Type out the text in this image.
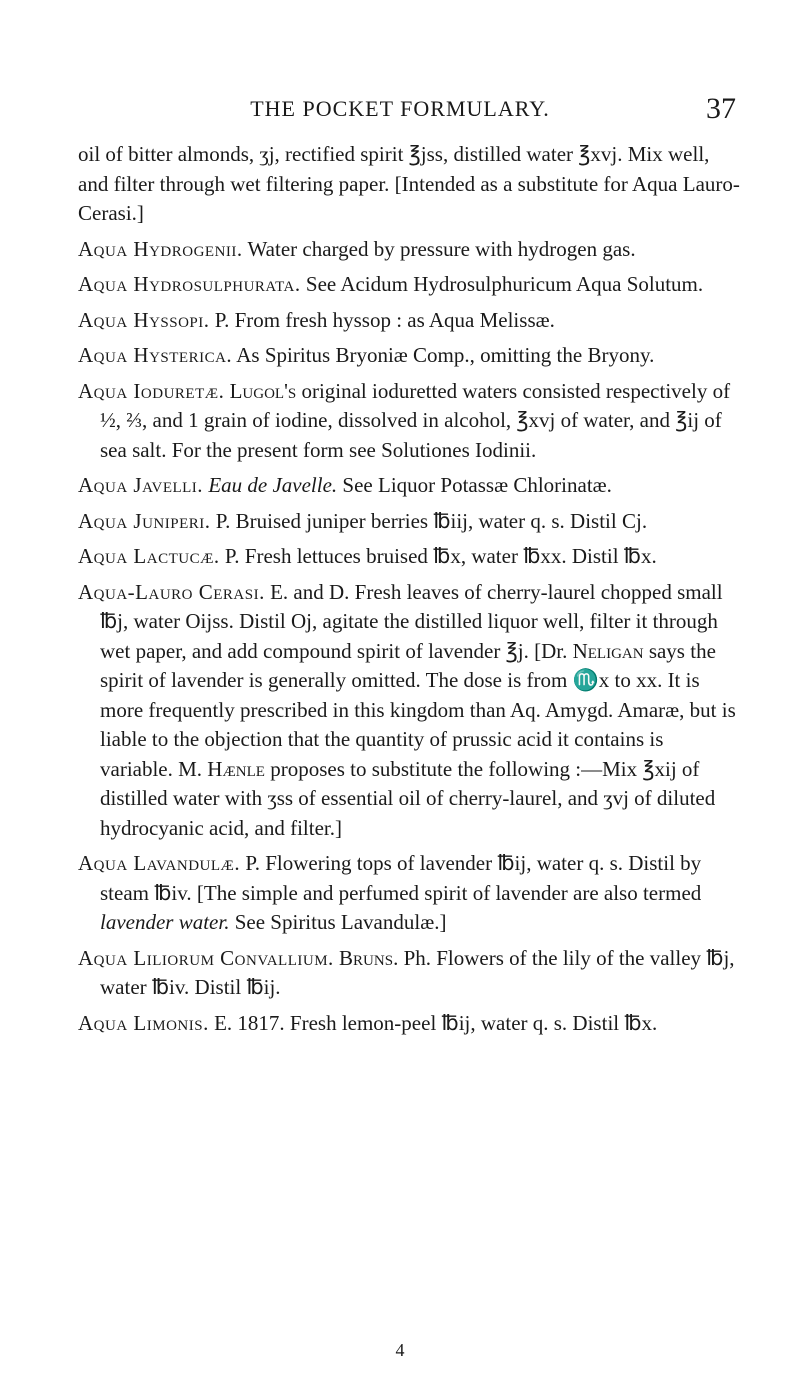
THE POCKET FORMULARY.	37

oil of bitter almonds, ʒj, rectified spirit ℥jss, distilled water ℥xvj. Mix well, and filter through wet filtering paper. [Intended as a substitute for Aqua Lauro-Cerasi.]

Aqua Hydrogenii. Water charged by pressure with hydrogen gas.

Aqua Hydrosulphurata. See Acidum Hydrosulphuricum Aqua Solutum.

Aqua Hyssopi. P. From fresh hyssop : as Aqua Melissæ.

Aqua Hysterica. As Spiritus Bryoniæ Comp., omitting the Bryony.

Aqua Ioduretæ. Lugol's original ioduretted waters consisted respectively of ½, ⅔, and 1 grain of iodine, dissolved in alcohol, ℥xvj of water, and ℥ij of sea salt. For the present form see Solutiones Iodinii.

Aqua Javelli. Eau de Javelle. See Liquor Potassæ Chlorinatæ.

Aqua Juniperi. P. Bruised juniper berries ℔iij, water q. s. Distil Cj.

Aqua Lactucæ. P. Fresh lettuces bruised ℔x, water ℔xx. Distil ℔x.

Aqua-Lauro Cerasi. E. and D. Fresh leaves of cherry-laurel chopped small ℔j, water Oijss. Distil Oj, agitate the distilled liquor well, filter it through wet paper, and add compound spirit of lavender ℥j. [Dr. Neligan says the spirit of lavender is generally omitted. The dose is from ♏x to xx. It is more frequently prescribed in this kingdom than Aq. Amygd. Amaræ, but is liable to the objection that the quantity of prussic acid it contains is variable. M. Hænle proposes to substitute the following :—Mix ℥xij of distilled water with ʒss of essential oil of cherry-laurel, and ʒvj of diluted hydrocyanic acid, and filter.]

Aqua Lavandulæ. P. Flowering tops of lavender ℔ij, water q. s. Distil by steam ℔iv. [The simple and perfumed spirit of lavender are also termed lavender water. See Spiritus Lavandulæ.]

Aqua Liliorum Convallium. Bruns. Ph. Flowers of the lily of the valley ℔j, water ℔iv. Distil ℔ij.

Aqua Limonis. E. 1817. Fresh lemon-peel ℔ij, water q. s. Distil ℔x.

4
